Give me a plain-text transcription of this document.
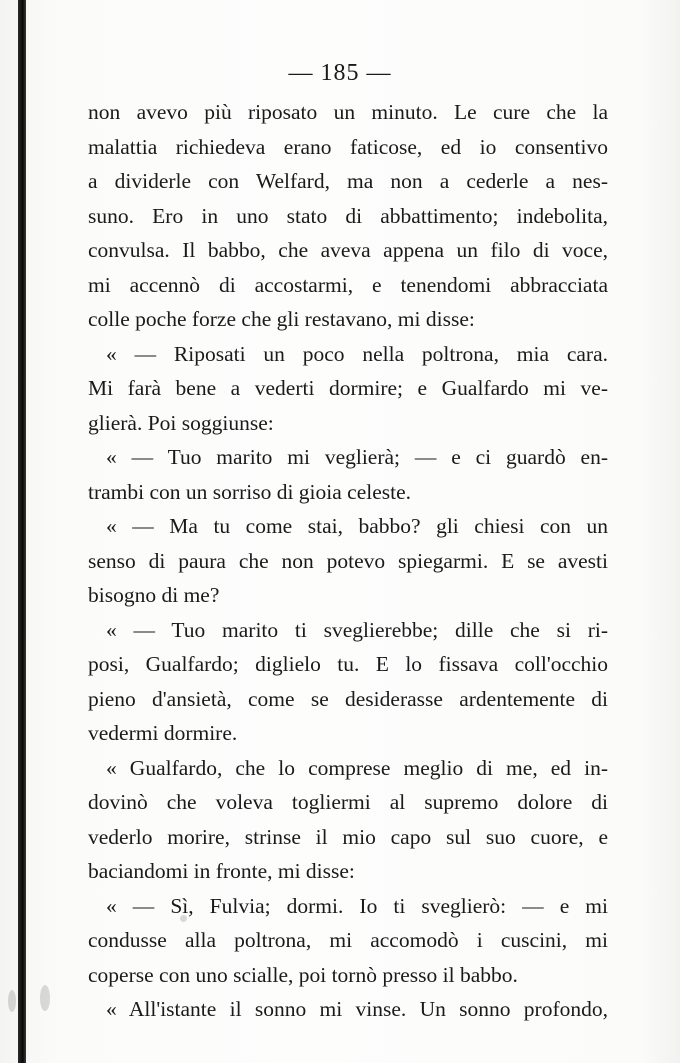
— 185 —
non avevo più riposato un minuto. Le cure che la
malattia richiedeva erano faticose, ed io consentivo
a dividerle con Welfard, ma non a cederle a nes-
suno. Ero in uno stato di abbattimento; indebolita,
convulsa. Il babbo, che aveva appena un filo di voce,
mi accennò di accostarmi, e tenendomi abbracciata
colle poche forze che gli restavano, mi disse:
« — Riposati un poco nella poltrona, mia cara.
Mi farà bene a vederti dormire; e Gualfardo mi ve-
glierà. Poi soggiunse:
« — Tuo marito mi veglierà; — e ci guardò en-
trambi con un sorriso di gioia celeste.
« — Ma tu come stai, babbo? gli chiesi con un
senso di paura che non potevo spiegarmi. E se avesti
bisogno di me?
« — Tuo marito ti sveglierebbe; dille che si ri-
posi, Gualfardo; diglielo tu. E lo fissava coll'occhio
pieno d'ansietà, come se desiderasse ardentemente di
vedermi dormire.
« Gualfardo, che lo comprese meglio di me, ed in-
dovinò che voleva togliermi al supremo dolore di
vederlo morire, strinse il mio capo sul suo cuore, e
baciandomi in fronte, mi disse:
« — Sì, Fulvia; dormi. Io ti sveglierò: — e mi
condusse alla poltrona, mi accomodò i cuscini, mi
coperse con uno scialle, poi tornò presso il babbo.
« All'istante il sonno mi vinse. Un sonno profondo,
